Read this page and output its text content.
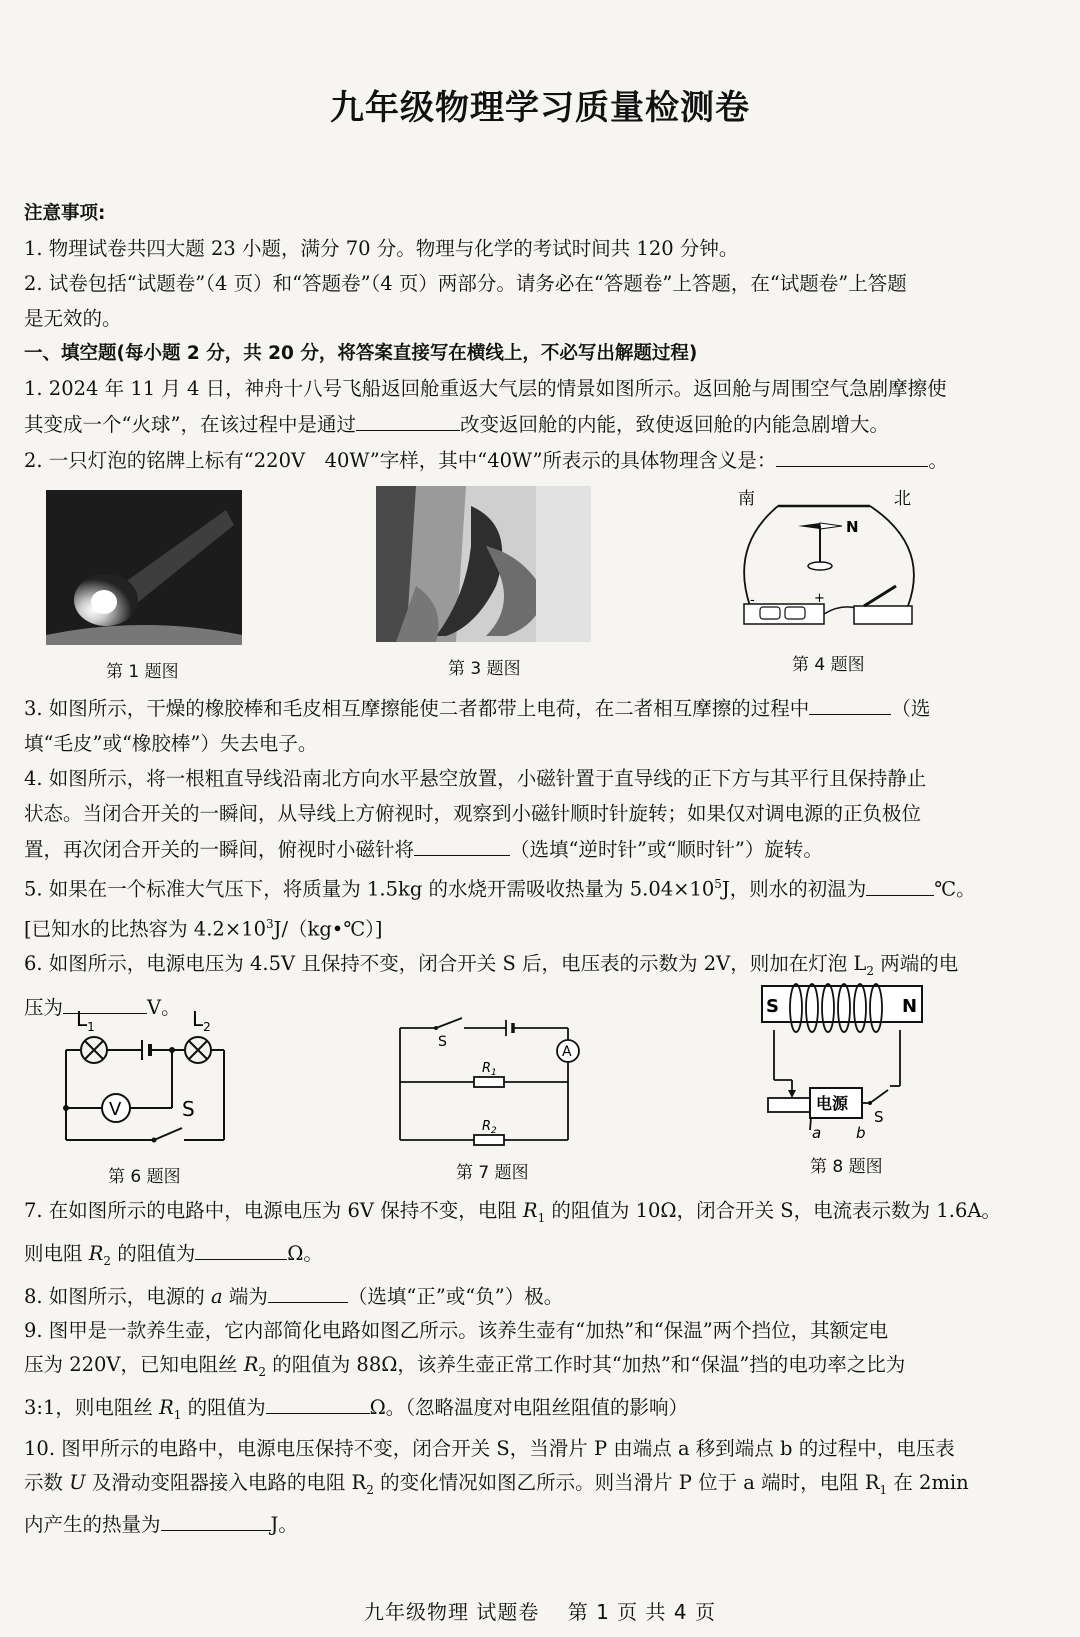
九年级物理学习质量检测卷
注意事项:
1. 物理试卷共四大题 23 小题，满分 70 分。物理与化学的考试时间共 120 分钟。
2. 试卷包括“试题卷”（4 页）和“答题卷”（4 页）两部分。请务必在“答题卷”上答题，在“试题卷”上答题
是无效的。
一、填空题(每小题 2 分，共 20 分，将答案直接写在横线上，不必写出解题过程)
1. 2024 年 11 月 4 日，神舟十八号飞船返回舱重返大气层的情景如图所示。返回舱与周围空气急剧摩擦使
其变成一个“火球”，在该过程中是通过	改变返回舱的内能，致使返回舱的内能急剧增大。
2. 一只灯泡的铭牌上标有“220V　40W”字样，其中“40W”所表示的具体物理含义是：	。
第 1 题图	第 3 题图
南	北
N
-	+
第 4 题图
3. 如图所示，干燥的橡胶棒和毛皮相互摩擦能使二者都带上电荷，在二者相互摩擦的过程中	（选
填“毛皮”或“橡胶棒”）失去电子。
4. 如图所示，将一根粗直导线沿南北方向水平悬空放置，小磁针置于直导线的正下方与其平行且保持静止
状态。当闭合开关的一瞬间，从导线上方俯视时，观察到小磁针顺时针旋转；如果仅对调电源的正负极位
置，再次闭合开关的一瞬间，俯视时小磁针将	（选填“逆时针”或“顺时针”）旋转。
5. 如果在一个标准大气压下，将质量为 1.5kg 的水烧开需吸收热量为 $5.04\times 10^5J$，则水的初温为	℃。
[已知水的比热容为 $4.2\times 10^3J/(kg•℃)$]
6. 如图所示，电源电压为 4.5V 且保持不变，闭合开关 S 后，电压表的示数为 2V，则加在灯泡 $L_2$ 两端的电
压为	V。
$L_1$	$L_2$
V	S
第 6 题图
S
A
$R_1$
$R_2$
第 7 题图
S	N
电源
a b
S
第 8 题图
7. 在如图所示的电路中，电源电压为 6V 保持不变，电阻 $R_1$ 的阻值为 10Ω，闭合开关 S，电流表示数为 1.6A。
则电阻 $R_2$ 的阻值为	Ω。
8. 如图所示，电源的 a 端为	（选填“正”或“负”）极。
9. 图甲是一款养生壶，它内部简化电路如图乙所示。该养生壶有“加热”和“保温”两个挡位，其额定电
压为 220V，已知电阻丝 $R_2$ 的阻值为 88Ω，该养生壶正常工作时其“加热”和“保温”挡的电功率之比为
3:1，则电阻丝 $R_1$ 的阻值为	Ω。（忽略温度对电阻丝阻值的影响）
10. 图甲所示的电路中，电源电压保持不变，闭合开关 S，当滑片 P 由端点 a 移到端点 b 的过程中，电压表
示数 U 及滑动变阻器接入电路的电阻 $R_2$ 的变化情况如图乙所示。则当滑片 P 位于 a 端时，电阻 $R_1$ 在 2min
内产生的热量为	J。
九年级物理 试题卷　 第 1 页 共 4 页
